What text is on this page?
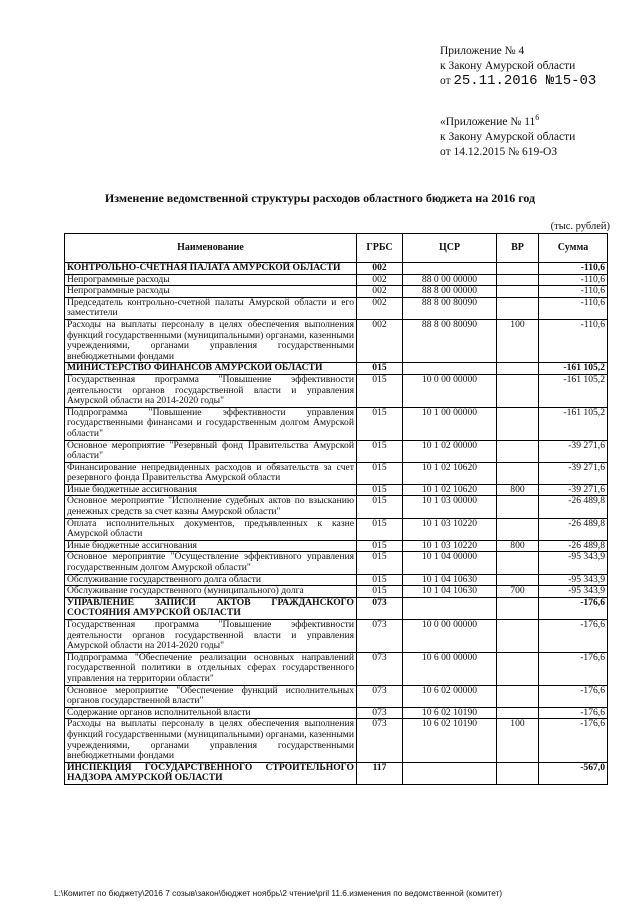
Приложение № 4
к Закону Амурской области
от 25.11.2016 №15-03
«Приложение № $11^6$
к Закону Амурской области
от 14.12.2015 № 619-ОЗ
Изменение ведомственной структуры расходов областного бюджета на 2016 год
(тыс. рублей)
Наименование	ГРБС	ЦСР	ВР	Сумма
КОНТРОЛЬНО-СЧЕТНАЯ ПАЛАТА АМУРСКОЙ ОБЛАСТИ	002			-110,6
Непрограммные расходы	002	88 0 00 00000		-110,6
Непрограммные расходы	002	88 8 00 00000		-110,6
Председатель контрольно-счетной палаты Амурской области и его заместители	002	88 8 00 80090		-110,6
Расходы на выплаты персоналу в целях обеспечения выполнения функций государственными (муниципальными) органами, казенными учреждениями, органами управления государственными внебюджетными фондами	002	88 8 00 80090	100	-110,6
МИНИСТЕРСТВО ФИНАНСОВ АМУРСКОЙ ОБЛАСТИ	015			-161 105,2
Государственная программа "Повышение эффективности деятельности органов государственной власти и управления Амурской области на 2014-2020 годы"	015	10 0 00 00000		-161 105,2
Подпрограмма "Повышение эффективности управления государственными финансами и государственным долгом Амурской области"	015	10 1 00 00000		-161 105,2
Основное мероприятие "Резервный фонд Правительства Амурской области"	015	10 1 02 00000		-39 271,6
Финансирование непредвиденных расходов и обязательств за счет резервного фонда Правительства Амурской области	015	10 1 02 10620		-39 271,6
Иные бюджетные ассигнования	015	10 1 02 10620	800	-39 271,6
Основное мероприятие "Исполнение судебных актов по взысканию денежных средств за счет казны Амурской области"	015	10 1 03 00000		-26 489,8
Оплата исполнительных документов, предъявленных к казне Амурской области	015	10 1 03 10220		-26 489,8
Иные бюджетные ассигнования	015	10 1 03 10220	800	-26 489,8
Основное мероприятие "Осуществление эффективного управления государственным долгом Амурской области"	015	10 1 04 00000		-95 343,9
Обслуживание государственного долга области	015	10 1 04 10630		-95 343,9
Обслуживание государственного (муниципального) долга	015	10 1 04 10630	700	-95 343,9
УПРАВЛЕНИЕ ЗАПИСИ АКТОВ ГРАЖДАНСКОГО СОСТОЯНИЯ АМУРСКОЙ ОБЛАСТИ	073			-176,6
Государственная программа "Повышение эффективности деятельности органов государственной власти и управления Амурской области на 2014-2020 годы"	073	10 0 00 00000		-176,6
Подпрограмма "Обеспечение реализации основных направлений государственной политики в отдельных сферах государственного управления на территории области"	073	10 6 00 00000		-176,6
Основное мероприятие "Обеспечение функций исполнительных органов государственной власти"	073	10 6 02 00000		-176,6
Содержание органов исполнительной власти	073	10 6 02 10190		-176,6
Расходы на выплаты персоналу в целях обеспечения выполнения функций государственными (муниципальными) органами, казенными учреждениями, органами управления государственными внебюджетными фондами	073	10 6 02 10190	100	-176,6
ИНСПЕКЦИЯ ГОСУДАРСТВЕННОГО СТРОИТЕЛЬНОГО НАДЗОРА АМУРСКОЙ ОБЛАСТИ	117			-567,0
L:\Комитет по бюджету\2016 7 созыв\закон\бюджет ноябрь\2 чтение\pril 11.6.изменения по ведомственной (комитет)
